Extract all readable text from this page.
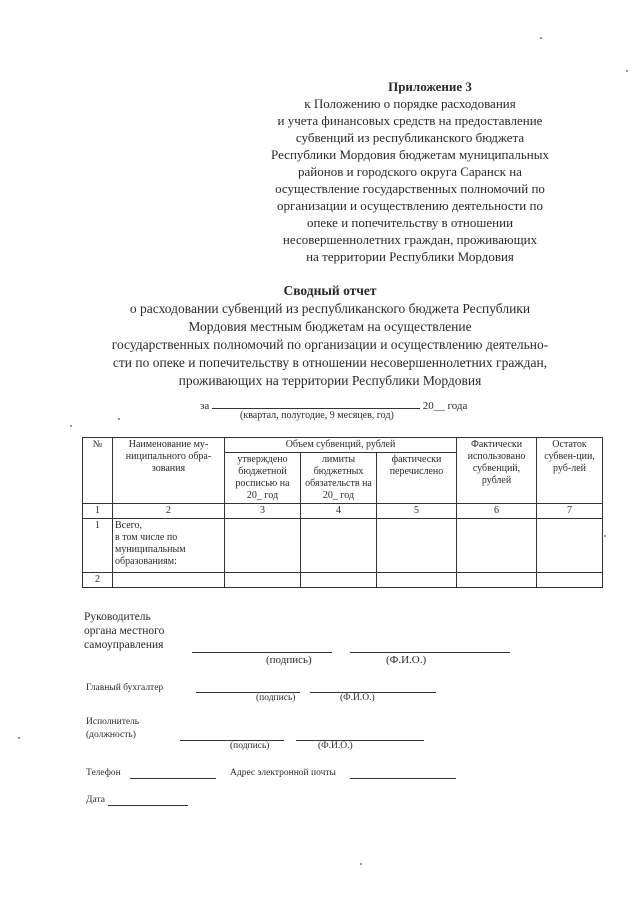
Приложение 3
к Положению о порядке расходования
и учета финансовых средств на предоставление
субвенций из республиканского бюджета
Республики Мордовия бюджетам муниципальных
районов и городского округа Саранск на
осуществление государственных полномочий по
организации и осуществлению деятельности по
опеке и попечительству в отношении
несовершеннолетних граждан, проживающих
на территории Республики Мордовия
Сводный отчет
о расходовании субвенций из республиканского бюджета Республики
Мордовия местным бюджетам на осуществление
государственных полномочий по организации и осуществлению деятельно-
сти по опеке и попечительству в отношении несовершеннолетних граждан,
проживающих на территории Республики Мордовия
за	20__ года
(квартал, полугодие, 9 месяцев, год)
№	Наименование му-ниципального обра-зования	Объем субвенций, рублей			Фактически использовано субвенций, рублей	Остаток субвен-ции, руб-лей
		утверждено бюджетной росписью на 20_ год	лимиты бюджетных обязательств на 20_ год	фактически перечислено		
1	2	3	4	5	6	7
1	Всего,
в том числе по муниципальным образованиям:					
2						
Руководитель
органа местного
самоуправления
(подпись)	(Ф.И.О.)
Главный бухгалтер
(подпись)	(Ф.И.О.)
Исполнитель
(должность)
(подпись)	(Ф.И.О.)
Телефон	Адрес электронной почты
Дата
